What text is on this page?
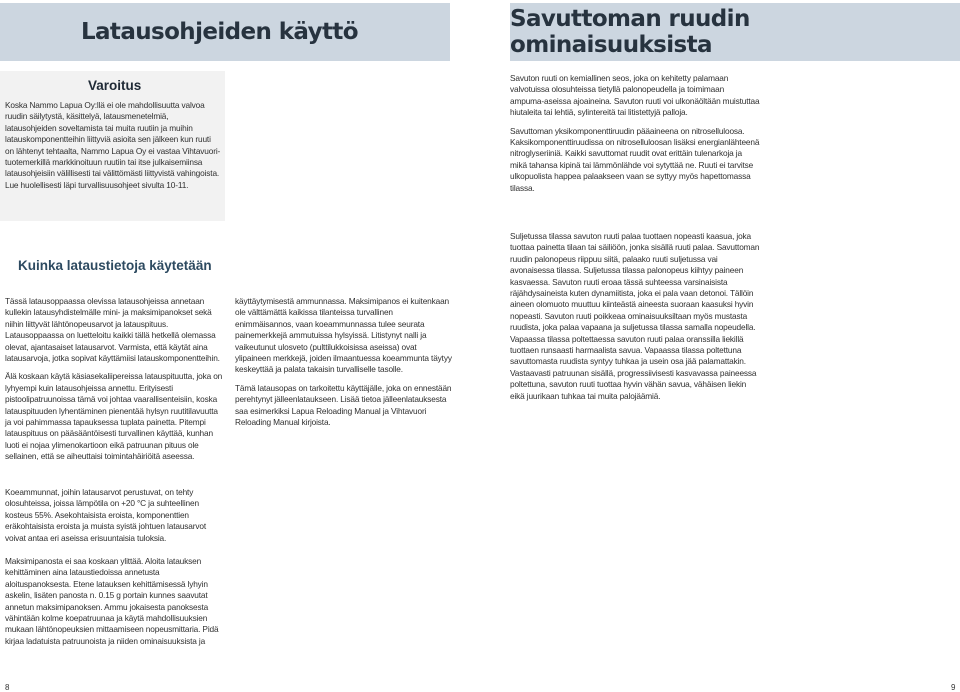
Latausohjeiden käyttö	Savuttoman ruudin ominaisuuksista
Varoitus

Koska Nammo Lapua Oy:llä ei ole mahdollisuutta valvoa ruudin säilytystä, käsittelyä, latausmenetelmiä, latausohjeiden soveltamista tai muita ruutiin ja muihin latauskomponentteihin liittyviä asioita sen jälkeen kun ruuti on lähtenyt tehtaalta, Nammo Lapua Oy ei vastaa Vihtavuori-tuotemerkillä markkinoituun ruutiin tai itse julkaisemiinsa latausohjeisiin välillisesti tai välittömästi liittyvistä vahingoista. Lue huolellisesti läpi turvallisuusohjeet sivulta 10-11.

Kuinka lataustietoja käytetään

Tässä latausoppaassa olevissa latausohjeissa annetaan kullekin latausyhdistelmälle mini- ja maksimipanokset sekä niihin liittyvät lähtönopeusarvot ja latauspituus. Latausoppaassa on luetteloitu kaikki tällä hetkellä olemassa olevat, ajantasaiset latausarvot. Varmista, että käytät aina latausarvoja, jotka sopivat käyttämiisi latauskomponentteihin.

Älä koskaan käytä käsiasekaliipereissa latauspituutta, joka on lyhyempi kuin latausohjeissa annettu. Erityisesti pistoolipatruunoissa tämä voi johtaa vaarallisenteisiin, koska latauspituuden lyhentäminen pienentää hylsyn ruutitilavuutta ja voi pahimmassa tapauksessa tuplata painetta. Pitempi latauspituus on pääsääntöisesti turvallinen käyttää, kunhan luoti ei nojaa ylimenokartioon eikä patruunan pituus ole sellainen, että se aiheuttaisi toimintahäiriöitä aseessa.

Koeammunnat, joihin latausarvot perustuvat, on tehty olosuhteissa, joissa lämpötila on +20 °C ja suhteellinen kosteus 55%. Asekohtaisista eroista, komponenttien eräkohtaisista eroista ja muista syistä johtuen latausarvot voivat antaa eri aseissa erisuuntaisia tuloksia.

Maksimipanosta ei saa koskaan ylittää. Aloita latauksen kehittäminen aina lataustiedoissa annetusta aloituspanoksesta. Etene latauksen kehittämisessä lyhyin askelin, lisäten panosta n. 0.15 g portain kunnes saavutat annetun maksimipanoksen. Ammu jokaisesta panoksesta vähintään kolme koepatruunaa ja käytä mahdollisuuksien mukaan lähtönopeuksien mittaamiseen nopeusmittaria. Pidä kirjaa ladatuista patruunoista ja niiden ominaisuuksista ja

käyttäytymisestä ammunnassa. Maksimipanos ei kuitenkaan ole välttämättä kaikissa tilanteissa turvallinen enimmäisannos, vaan koeammunnassa tulee seurata painemerkkejä ammutuissa hylsyissä. Litistynyt nalli ja vaikeutunut ulosveto (pulttilukkoisissa aseissa) ovat ylipaineen merkkejä, joiden ilmaantuessa koeammunta täytyy keskeyttää ja palata takaisin turvalliselle tasolle.

Tämä latausopas on tarkoitettu käyttäjälle, joka on ennestään perehtynyt jälleenlataukseen. Lisää tietoa jälleenlatauksesta saa esimerkiksi Lapua Reloading Manual ja Vihtavuori Reloading Manual kirjoista.

Savuton ruuti on kemiallinen seos, joka on kehitetty palamaan valvotuissa olosuhteissa tietyllä palonopeudella ja toimimaan ampuma-aseissa ajoaineina. Savuton ruuti voi ulkonäöltään muistuttaa hiutaleita tai lehtiä, sylintereitä tai litistettyjä palloja.

Savuttoman yksikomponenttiruudin pääaineena on nitroselluloosa. Kaksikomponenttiruudissa on nitroselluloosan lisäksi energianlähteenä nitroglyseriiniä. Kaikki savuttomat ruudit ovat erittäin tulenarkoja ja mikä tahansa kipinä tai lämmönlähde voi sytyttää ne. Ruuti ei tarvitse ulkopuolista happea palaakseen vaan se syttyy myös hapettomassa tilassa.

Suljetussa tilassa savuton ruuti palaa tuottaen nopeasti kaasua, joka tuottaa painetta tilaan tai säiliöön, jonka sisällä ruuti palaa. Savuttoman ruudin palonopeus riippuu siitä, palaako ruuti suljetussa vai avonaisessa tilassa. Suljetussa tilassa palonopeus kiihtyy paineen kasvaessa. Savuton ruuti eroaa tässä suhteessa varsinaisista räjähdysaineista kuten dynamiitista, joka ei pala vaan detonoi. Tällöin aineen olomuoto muuttuu kiinteästä aineesta suoraan kaasuksi hyvin nopeasti. Savuton ruuti poikkeaa ominaisuuksiltaan myös mustasta ruudista, joka palaa vapaana ja suljetussa tilassa samalla nopeudella. Vapaassa tilassa poltettaessa savuton ruuti palaa oranssilla liekillä tuottaen runsaasti harmaalista savua. Vapaassa tilassa poltettuna savuttomasta ruudista syntyy tuhkaa ja usein osa jää palamattakin. Vastaavasti patruunan sisällä, progressiivisesti kasvavassa paineessa poltettuna, savuton ruuti tuottaa hyvin vähän savua, vähäisen liekin eikä juurikaan tuhkaa tai muita palojäämiä.

8	9
